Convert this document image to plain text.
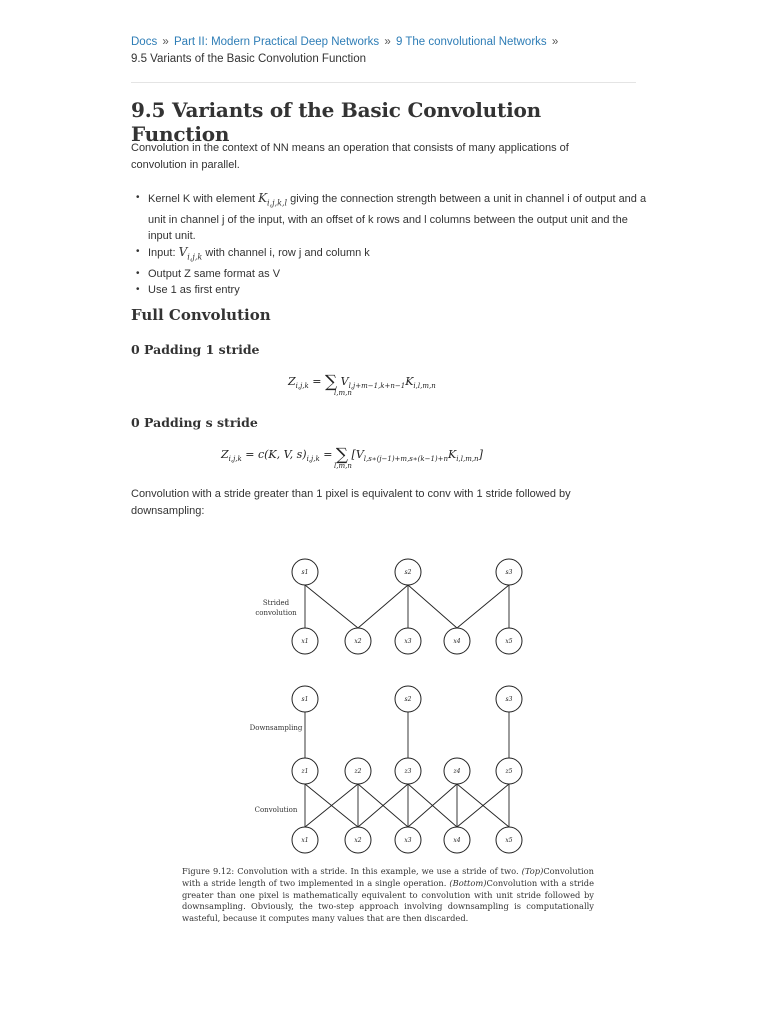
Docs » Part II: Modern Practical Deep Networks » 9 The convolutional Networks »
9.5 Variants of the Basic Convolution Function
9.5 Variants of the Basic Convolution Function

Convolution in the context of NN means an operation that consists of many applications of convolution in parallel.

• Kernel K with element $K_{i,j,k,l}$ giving the connection strength between a unit in channel i of output and a unit in channel j of the input, with an offset of k rows and l columns between the output unit and the input unit.
• Input: $V_{i,j,k}$ with channel i, row j and column k
• Output Z same format as V
• Use 1 as first entry
Full Convolution
0 Padding 1 stride
$Z_{i,j,k}$ = ∑
l,m,n
$V_{l,j+m-1,k+n-1}K_{i,l,m,n}$
0 Padding s stride
$Z_{i,j,k} = c(K$, V, $s)_{i,j,k}$ = ∑
l,m,n
$[V_{l,s∗(j-1)+m,s∗(k-1)+n}K_{i,l,m,n}]$

Convolution with a stride greater than 1 pixel is equivalent to conv with 1 stride followed by downsampling:

s1	s2	s3
x1	x2	x3	x4	x5
s1	s2	s3
z1	z2	z3	z4	z5
x1	x2	x3	x4	x5
Strided
convolution
Downsampling
Convolution
Figure 9.12: Convolution with a stride. In this example, we use a stride of two. (Top)Convolution with a stride length of two implemented in a single operation. (Bottom)Convolution with a stride greater than one pixel is mathematically equivalent to convolution with unit stride followed by downsampling. Obviously, the two-step approach involving downsampling is computationally wasteful, because it computes many values that are then discarded.
